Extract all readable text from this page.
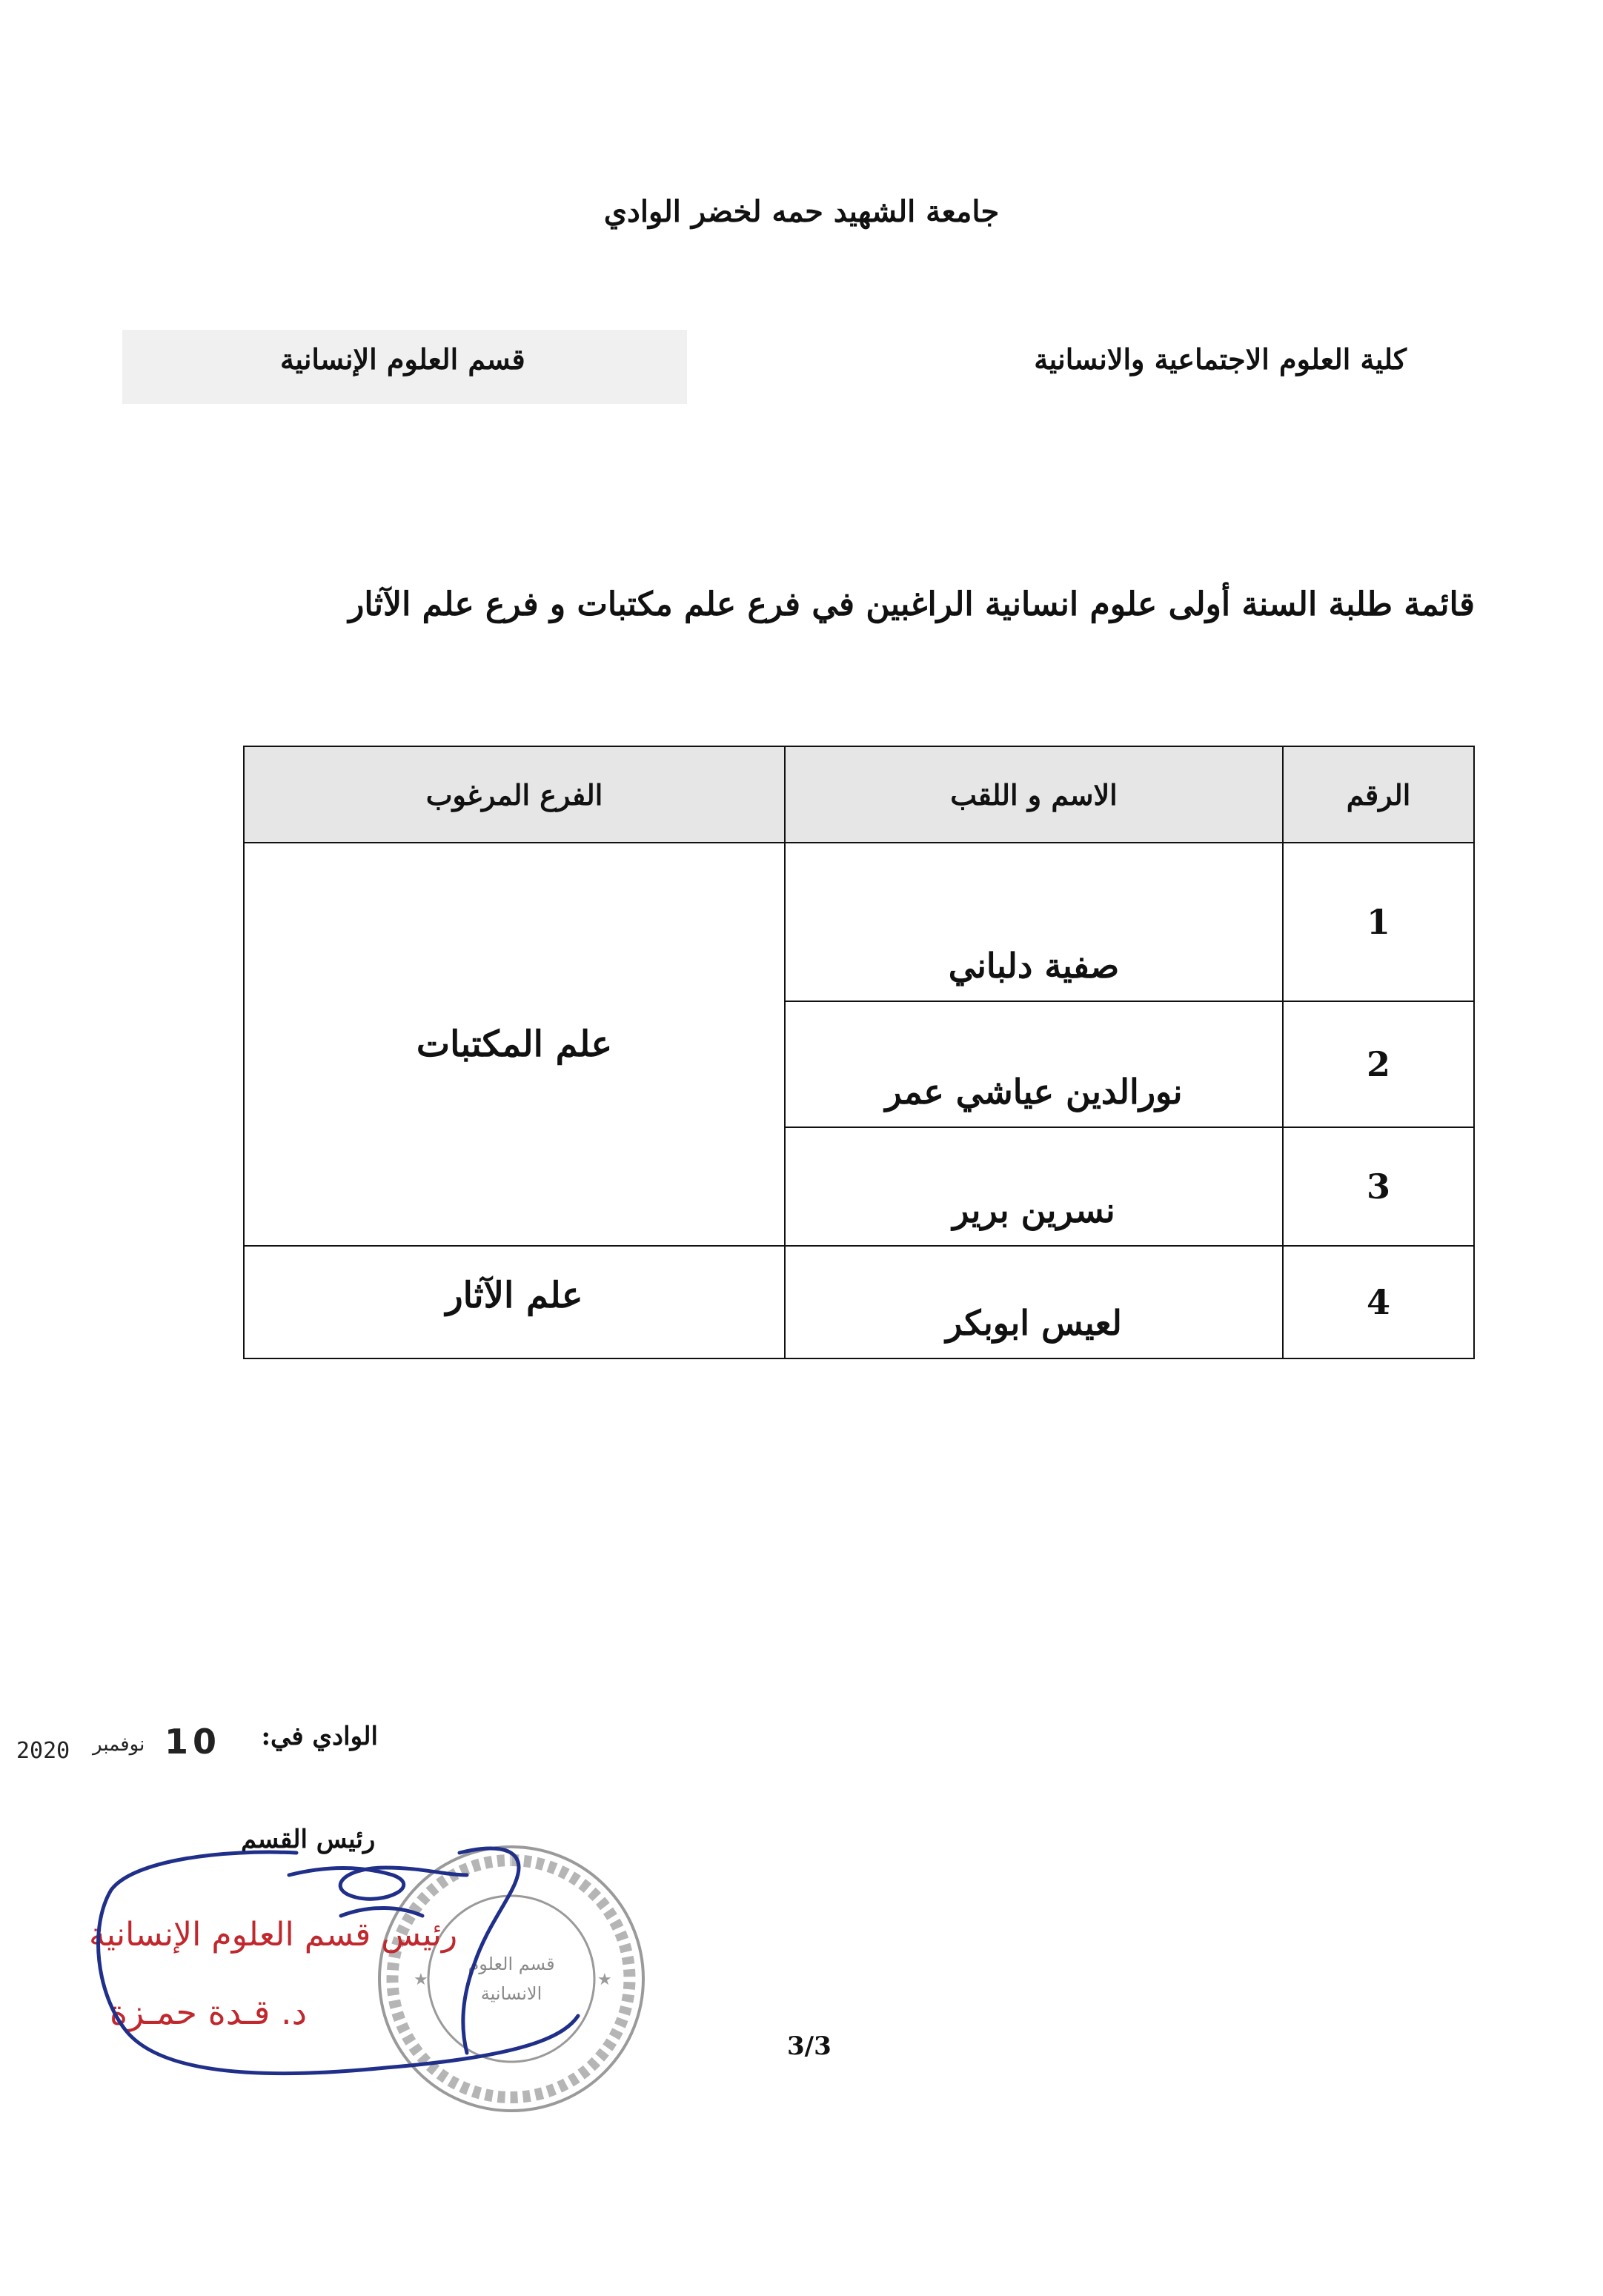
جامعة الشهيد حمه لخضر الوادي
كلية العلوم الاجتماعية والانسانية
قسم العلوم الإنسانية
قائمة طلبة السنة أولى علوم انسانية الراغبين في فرع علم مكتبات و فرع علم الآثار
الرقم	الاسم و اللقب	الفرع المرغوب
1	صفية دلباني	علم المكتبات
2	نورالدين عياشي عمر	
3	نسرين برير	
4	لعيس ابوبكر	علم الآثار
الوادي في:
10
نوفمبر
2020
رئيس القسم
★	★
قسم العلوم
الانسانية
رئيس قسم العلوم الإنسانية
د. قـدة حمـزة
3/3
